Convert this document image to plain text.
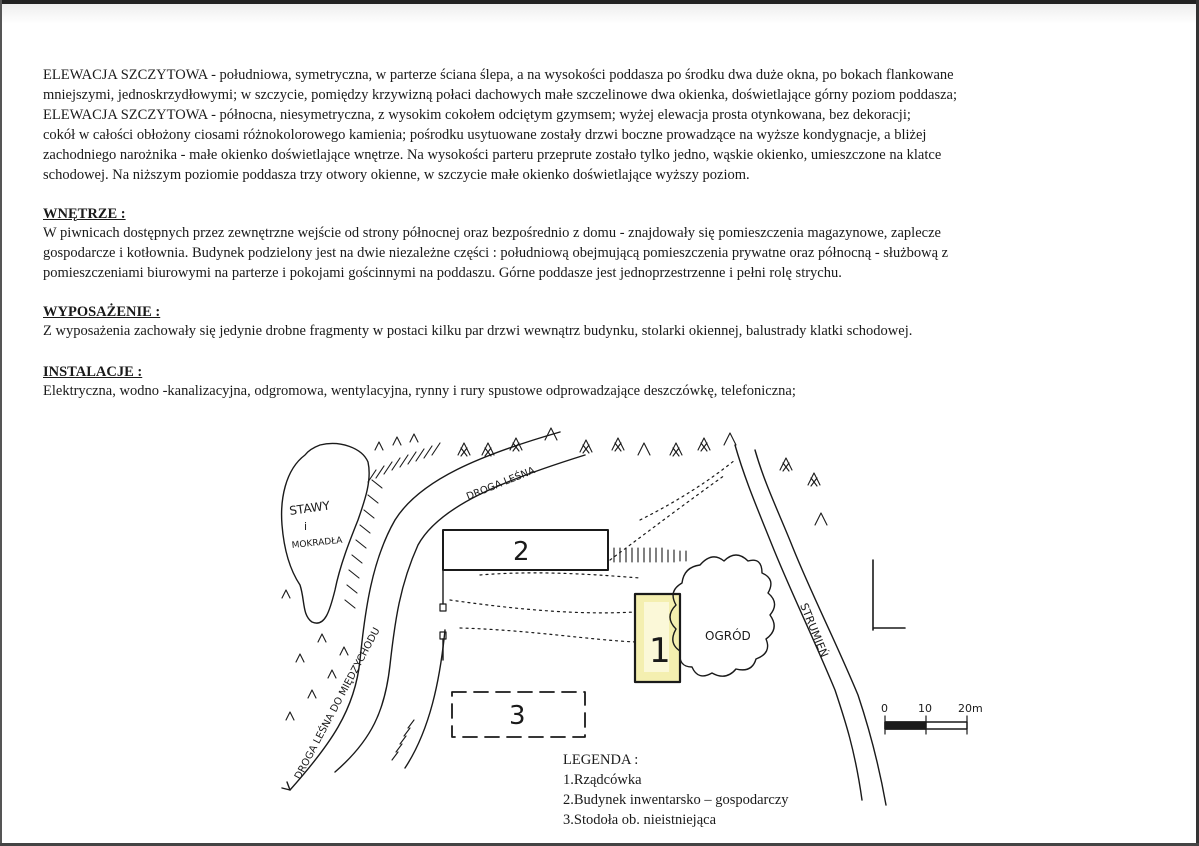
ELEWACJA SZCZYTOWA - południowa, symetryczna, w parterze ściana ślepa, a na wysokości poddasza po środku dwa duże okna, po bokach flankowane

mniejszymi, jednoskrzydłowymi; w szczycie, pomiędzy krzywizną połaci dachowych małe szczelinowe dwa okienka, doświetlające górny poziom poddasza;

ELEWACJA SZCZYTOWA - północna, niesymetryczna, z wysokim cokołem odciętym gzymsem; wyżej elewacja prosta otynkowana, bez dekoracji;

cokół w całości obłożony ciosami różnokolorowego kamienia; pośrodku usytuowane zostały drzwi boczne prowadzące na wyższe kondygnacje, a bliżej

zachodniego narożnika - małe okienko doświetlające wnętrze. Na wysokości parteru przeprute zostało tylko jedno, wąskie okienko, umieszczone na klatce

schodowej. Na niższym poziomie poddasza trzy otwory okienne, w szczycie małe okienko doświetlające wyższy poziom.

WNĘTRZE :

W piwnicach dostępnych przez zewnętrzne wejście od strony północnej oraz bezpośrednio z domu - znajdowały się pomieszczenia magazynowe, zaplecze

gospodarcze i kotłownia. Budynek podzielony jest na dwie niezależne części : południową obejmującą pomieszczenia prywatne oraz północną - służbową z

pomieszczeniami biurowymi na parterze i pokojami gościnnymi na poddaszu. Górne poddasze jest jednoprzestrzenne i pełni rolę strychu.

WYPOSAŻENIE :

Z wyposażenia zachowały się jedynie drobne fragmenty w postaci kilku par drzwi wewnątrz budynku, stolarki okiennej, balustrady klatki schodowej.

INSTALACJE :

Elektryczna, wodno -kanalizacyjna, odgromowa, wentylacyjna, rynny i rury spustowe odprowadzające deszczówkę, telefoniczna;

2
1
3
STAWY
i
MOKRADŁA
DROGA LEŚNA
DROGA LEŚNA DO MIĘDZYCHODU	OGRÓD	STRUMIEŃ
0	10 20m
LEGENDA :
1.Rządcówka
2.Budynek inwentarsko – gospodarczy
3.Stodoła ob. nieistniejąca
